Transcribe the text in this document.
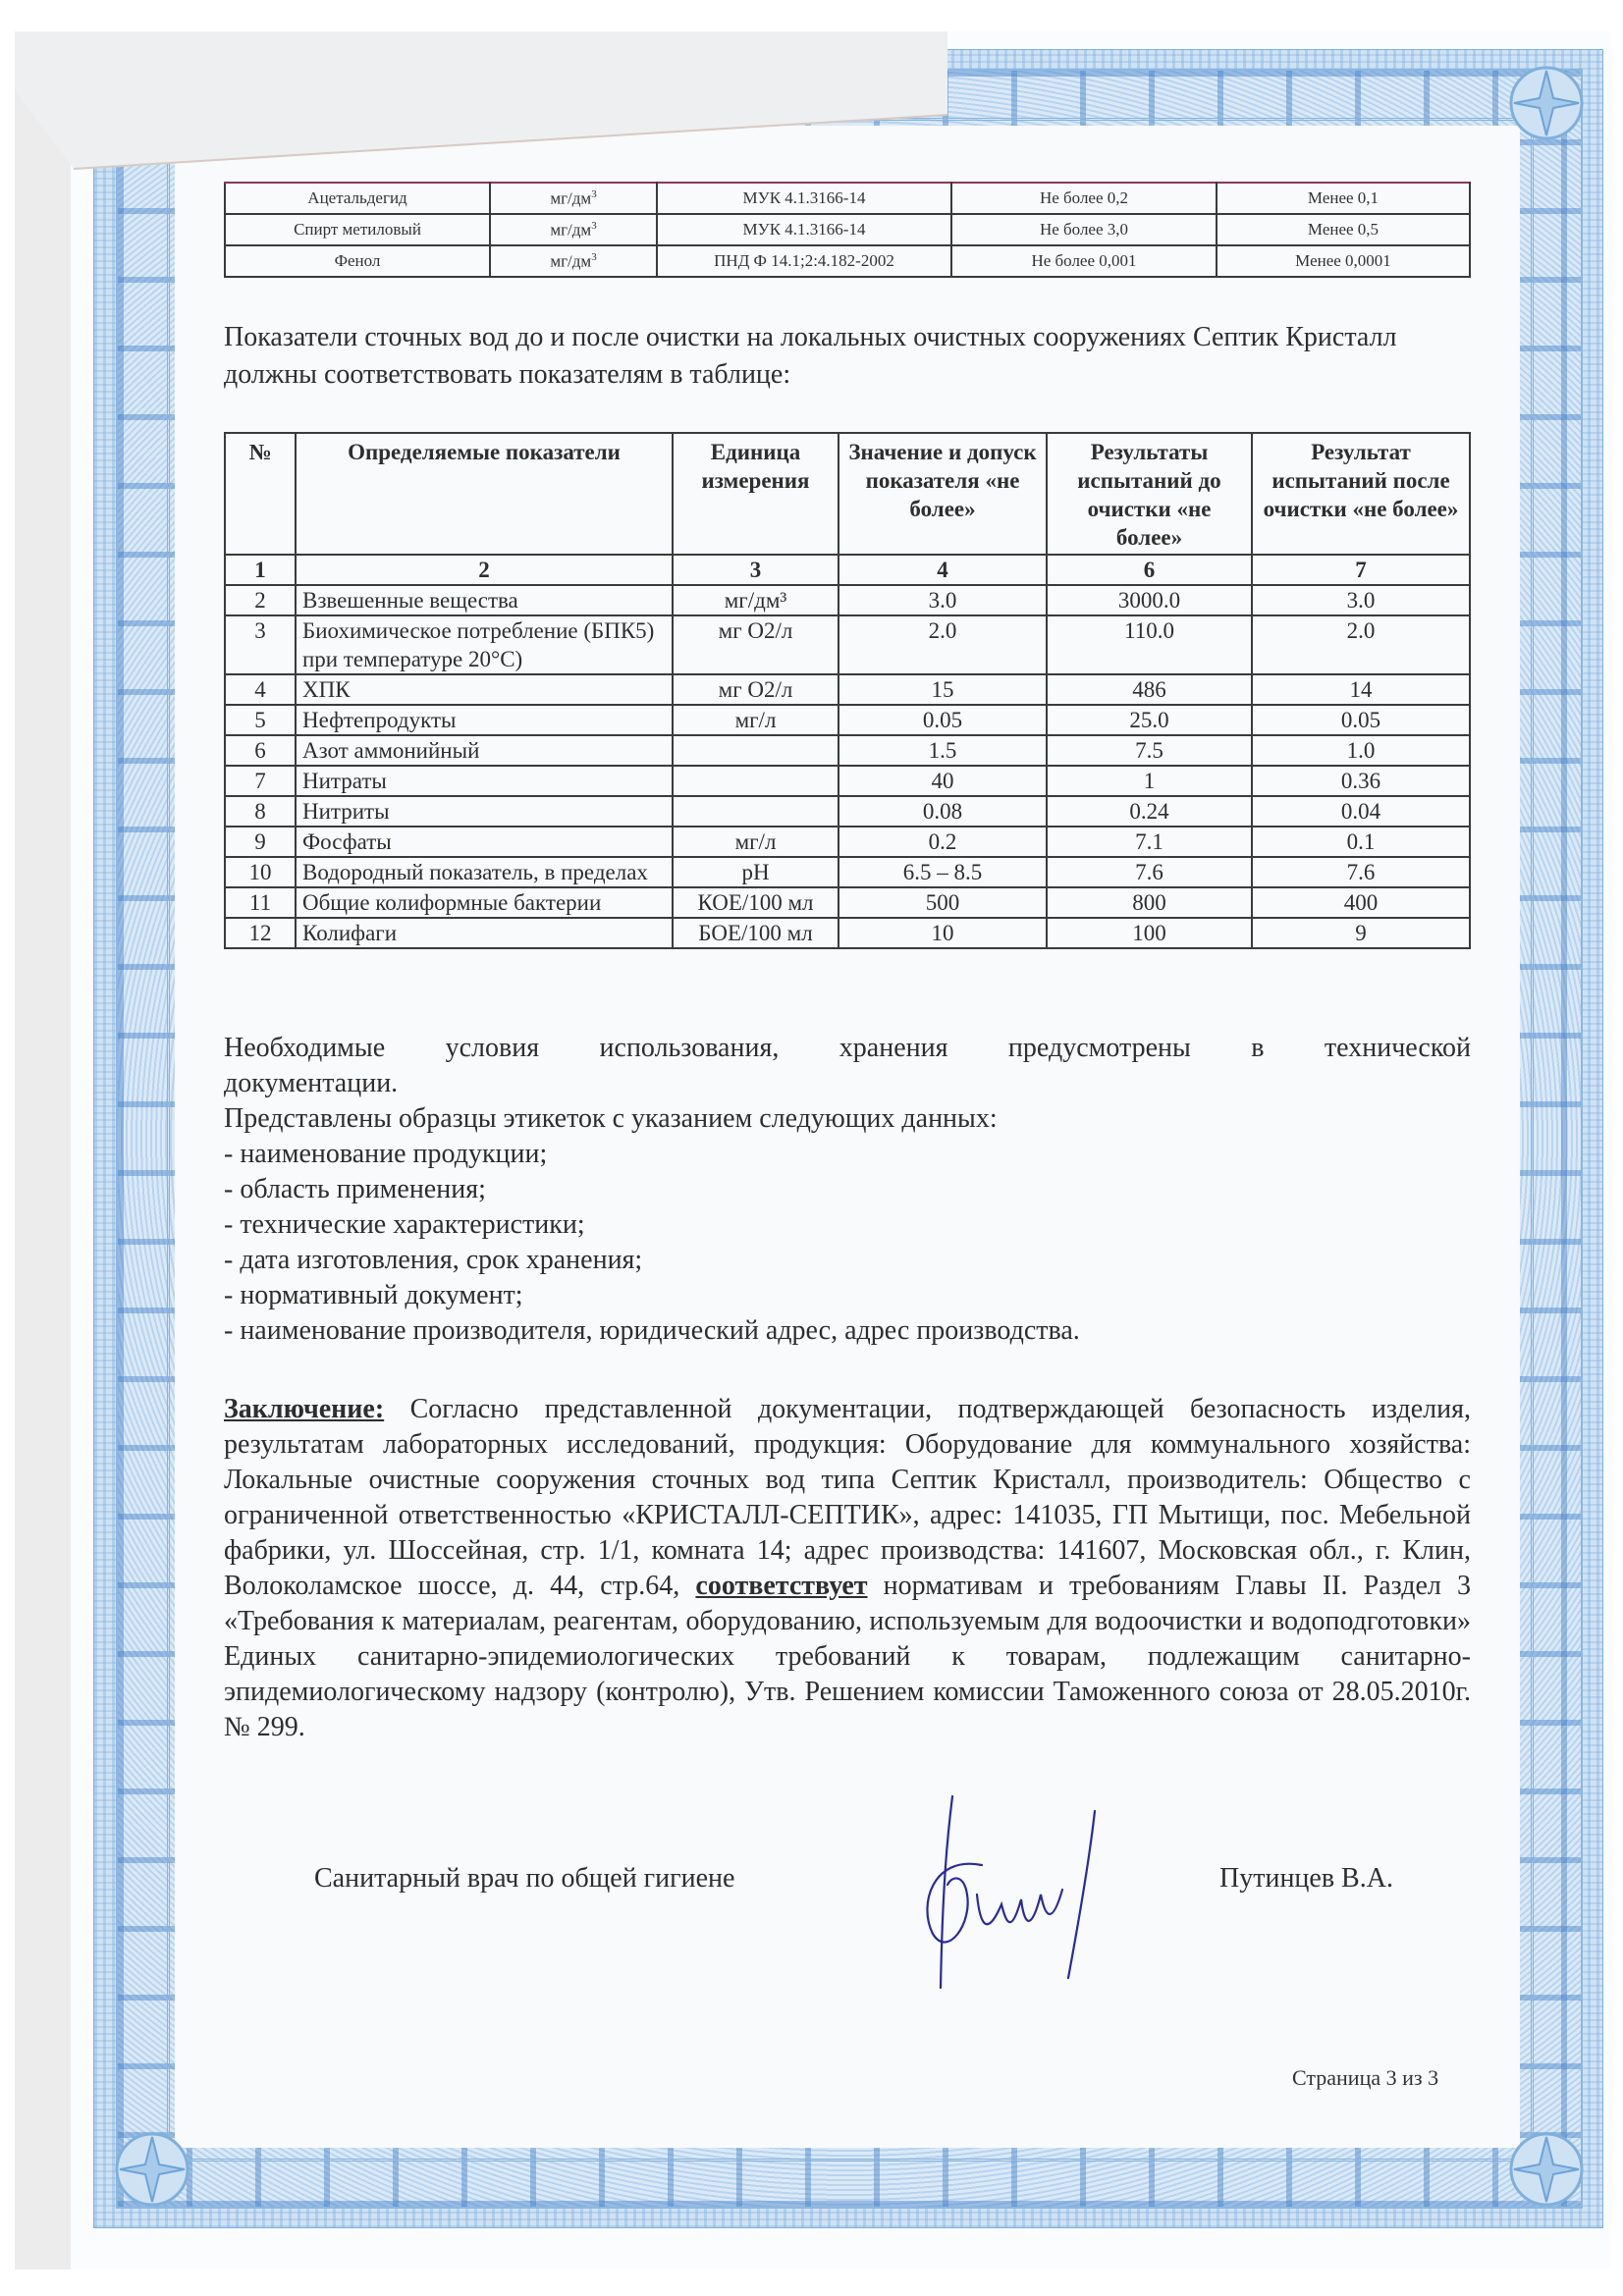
Ацетальдегид	$мг/дм^3$	МУК 4.1.3166-14	Не более 0,2	Менее 0,1
Спирт метиловый	$мг/дм^3$	МУК 4.1.3166-14	Не более 3,0	Менее 0,5
Фенол	$мг/дм^3$	ПНД Ф 14.1;2:4.182-2002	Не более 0,001	Менее 0,0001
Показатели сточных вод до и после очистки на локальных очистных сооружениях Септик Кристалл должны соответствовать показателям в таблице:
№	Определяемые показатели	Единица измерения	Значение и допуск показателя «не более»	Результаты испытаний до очистки «не более»	Результат испытаний после очистки «не более»
1	2	3	4	6	7
2	Взвешенные вещества	мг/дм³	3.0	3000.0	3.0
3	Биохимическое потребление (БПК5) при температуре 20°С)	мг О2/л	2.0	110.0	2.0
4	ХПК	мг О2/л	15	486	14
5	Нефтепродукты	мг/л	0.05	25.0	0.05
6	Азот аммонийный		1.5	7.5	1.0
7	Нитраты		40	1	0.36
8	Нитриты		0.08	0.24	0.04
9	Фосфаты	мг/л	0.2	7.1	0.1
10	Водородный показатель, в пределах	pH	6.5 – 8.5	7.6	7.6
11	Общие колиформные бактерии	КОЕ/100 мл	500	800	400
12	Колифаги	БОЕ/100 мл	10	100	9

Необходимые условия использования, хранения предусмотрены в технической

документации.

Представлены образцы этикеток с указанием следующих данных:

- наименование продукции;

- область применения;

- технические характеристики;

- дата изготовления, срок хранения;

- нормативный документ;

- наименование производителя, юридический адрес, адрес производства.

Заключение: Согласно представленной документации, подтверждающей безопасность изделия, результатам лабораторных исследований, продукция: Оборудование для коммунального хозяйства: Локальные очистные сооружения сточных вод типа Септик Кристалл, производитель: Общество с ограниченной ответственностью «КРИСТАЛЛ-СЕПТИК», адрес: 141035, ГП Мытищи, пос. Мебельной фабрики, ул. Шоссейная, стр. 1/1, комната 14; адрес производства: 141607, Московская обл., г. Клин, Волоколамское шоссе, д. 44, стр.64, соответствует нормативам и требованиям Главы II. Раздел 3 «Требования к материалам, реагентам, оборудованию, используемым для водоочистки и водоподготовки» Единых санитарно-эпидемиологических требований к товарам, подлежащим санитарно-эпидемиологическому надзору (контролю), Утв. Решением комиссии Таможенного союза от 28.05.2010г. № 299.

Санитарный врач по общей гигиене	Путинцев В.А.
Страница 3 из 3
